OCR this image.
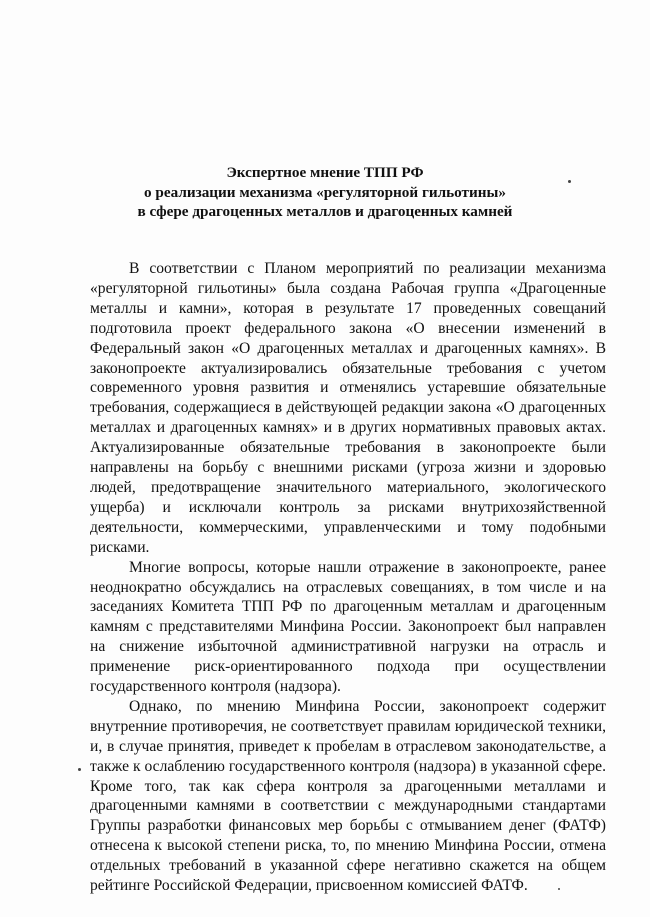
Экспертное мнение ТПП РФ
о реализации механизма «регуляторной гильотины»
в сфере драгоценных металлов и драгоценных камней

В соответствии с Планом мероприятий по реализации механизма «регуляторной гильотины» была создана Рабочая группа «Драгоценные металлы и камни», которая в результате 17 проведенных совещаний подготовила проект федерального закона «О внесении изменений в Федеральный закон «О драгоценных металлах и драгоценных камнях». В законопроекте актуализировались обязательные требования с учетом современного уровня развития и отменялись устаревшие обязательные требования, содержащиеся в действующей редакции закона «О драгоценных металлах и драгоценных камнях» и в других нормативных правовых актах. Актуализированные обязательные требования в законопроекте были направлены на борьбу с внешними рисками (угроза жизни и здоровью людей, предотвращение значительного материального, экологического ущерба) и исключали контроль за рисками внутрихозяйственной деятельности, коммерческими, управленческими и тому подобными рисками.

Многие вопросы, которые нашли отражение в законопроекте, ранее неоднократно обсуждались на отраслевых совещаниях, в том числе и на заседаниях Комитета ТПП РФ по драгоценным металлам и драгоценным камням с представителями Минфина России. Законопроект был направлен на снижение избыточной административной нагрузки на отрасль и применение риск-ориентированного подхода при осуществлении государственного контроля (надзора).

Однако, по мнению Минфина России, законопроект содержит внутренние противоречия, не соответствует правилам юридической техники, и, в случае принятия, приведет к пробелам в отраслевом законодательстве, а также к ослаблению государственного контроля (надзора) в указанной сфере. Кроме того, так как сфера контроля за драгоценными металлами и драгоценными камнями в соответствии с международными стандартами Группы разработки финансовых мер борьбы с отмыванием денег (ФАТФ) отнесена к высокой степени риска, то, по мнению Минфина России, отмена отдельных требований в указанной сфере негативно скажется на общем рейтинге Российской Федерации, присвоенном комиссией ФАТФ.
